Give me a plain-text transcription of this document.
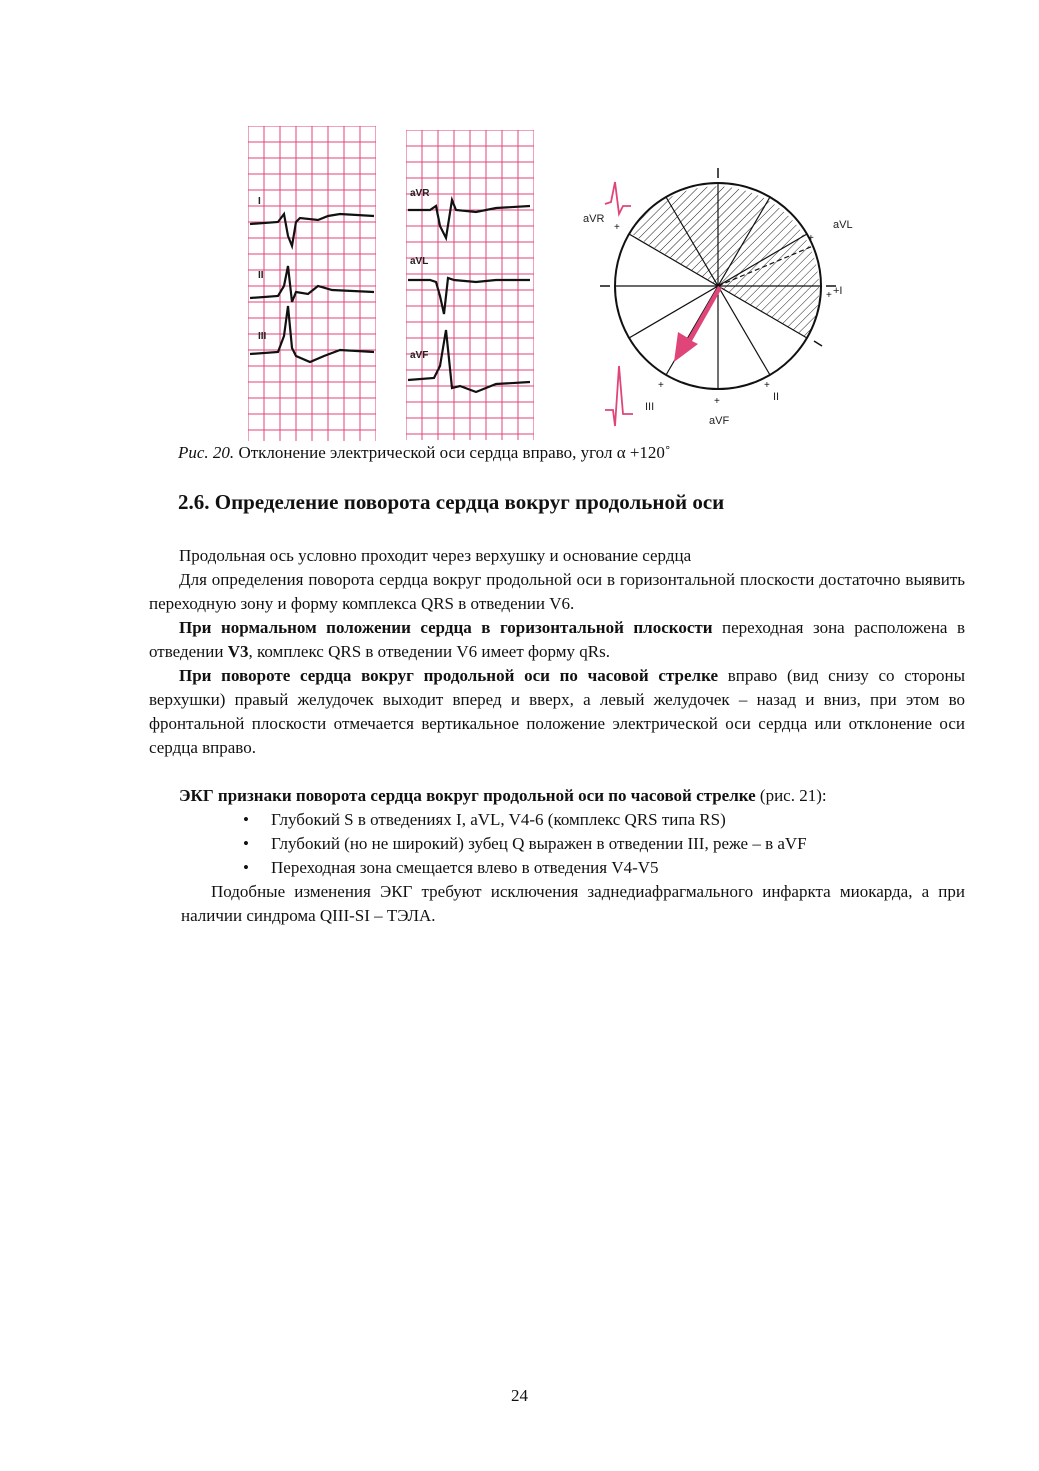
I
II
III
aVR
aVL
aVF
+
+
+
+
+
+
aVR	aVL
+I
II
III
aVF
Рис. 20. Отклонение электрической оси сердца вправо, угол α +120˚
2.6. Определение поворота сердца вокруг продольной оси

Продольная ось условно проходит через верхушку и основание сердца

Для определения поворота сердца вокруг продольной оси в горизонтальной плоскости достаточно выявить переходную зону и форму комплекса QRS в отведении V6.

При нормальном положении сердца в горизонтальной плоскости переходная зона расположена в отведении V3, комплекс QRS в отведении V6 имеет форму qRs.

При повороте сердца вокруг продольной оси по часовой стрелке вправо (вид снизу со стороны верхушки) правый желудочек выходит вперед и вверх, а левый желудочек – назад и вниз, при этом во фронтальной плоскости отмечается вертикальное положение электрической оси сердца или отклонение оси сердца вправо.

ЭКГ признаки поворота сердца вокруг продольной оси по часовой стрелке (рис. 21):

• Глубокий S в отведениях I, aVL, V4-6 (комплекс QRS типа RS)
• Глубокий (но не широкий) зубец Q выражен в отведении III, реже – в aVF
• Переходная зона смещается влево в отведения V4-V5

Подобные изменения ЭКГ требуют исключения заднедиафрагмального инфаркта миокарда, а при наличии синдрома QIII-SI – ТЭЛА.

24
